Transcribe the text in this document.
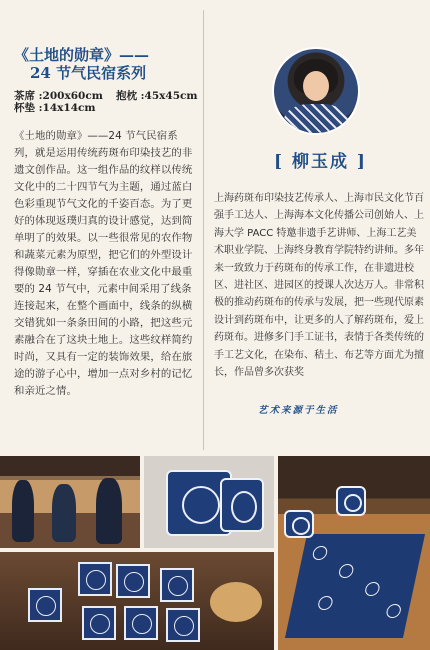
《土地的勋章》——
24 节气民宿系列
茶席 :200x60cm 抱枕 :45x45cm
杯垫 :14x14cm

《土地的勋章》——24 节气民宿系列，就是运用传统药斑布印染技艺的非遗文创作品。这一组作品的纹样以传统文化中的二十四节气为主题，通过蓝白色彩重现节气文化的千姿百态。为了更好的体现返璞归真的设计感觉，达到简单明了的效果。以一些很常见的农作物和蔬菜元素为原型，把它们的外型设计得像勋章一样，穿插在农业文化中最重要的 24 节气中，元素中间采用了线条连接起来，在整个画面中，线条的纵横交错犹如一条条田间的小路，把这些元素融合在了这块土地上。这些纹样简约时尚，又具有一定的装饰效果，给在旅途的游子心中，增加一点对乡村的记忆和亲近之情。

[ 柳玉成 ]
上海药斑布印染技艺传承人、上海市民文化节百强手工达人、上海海本文化传播公司创始人、上海大学 PACC 特邀非遗手艺讲师、上海工艺美术职业学院、上海终身教育学院特约讲师。多年来一致致力于药斑布的传承工作，在非遗进校区、进社区、进园区的授课人次达万人。非常积极的推动药斑布的传承与发展，把一些现代原素设计到药斑布中，让更多的人了解药斑布，爱上药斑布。进修多门手工证书，表情于各类传统的手工艺文化，在染布、秸土、布艺等方面尤为擅长，作品曾多次获奖
艺术来源于生活
